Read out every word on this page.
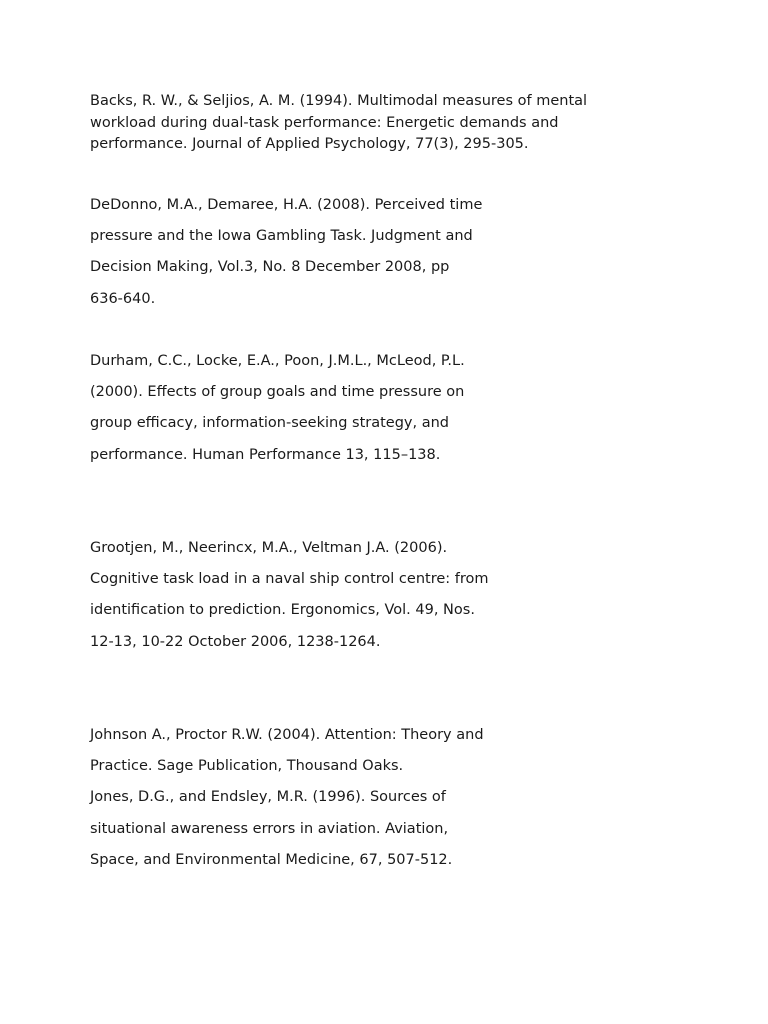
Backs, R. W., & Seljios, A. M. (1994). Multimodal measures of mental
workload during dual-task performance: Energetic demands and
performance. Journal of Applied Psychology, 77(3), 295-305.

DeDonno, M.A., Demaree, H.A. (2008). Perceived time
pressure and the Iowa Gambling Task. Judgment and
Decision Making, Vol.3, No. 8 December 2008, pp
636-640.

Durham, C.C., Locke, E.A., Poon, J.M.L., McLeod, P.L.
(2000). Effects of group goals and time pressure on
group efficacy, information-seeking strategy, and
performance. Human Performance 13, 115–138.

Grootjen, M., Neerincx, M.A., Veltman J.A. (2006).
Cognitive task load in a naval ship control centre: from
identification to prediction. Ergonomics, Vol. 49, Nos.
12-13, 10-22 October 2006, 1238-1264.

Johnson A., Proctor R.W. (2004). Attention: Theory and
Practice. Sage Publication, Thousand Oaks.
Jones, D.G., and Endsley, M.R. (1996). Sources of
situational awareness errors in aviation. Aviation,
Space, and Environmental Medicine, 67, 507-512.
